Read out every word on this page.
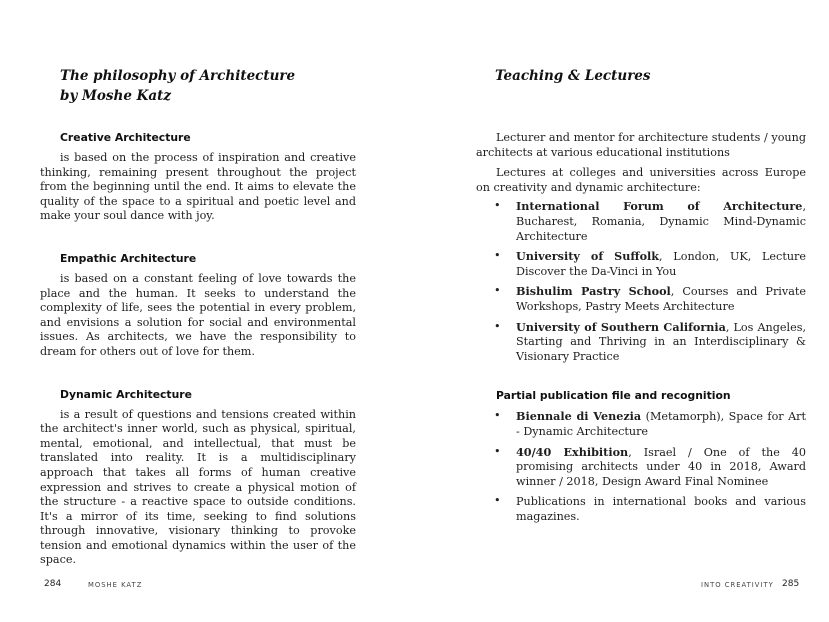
The philosophy of Architecture
by Moshe Katz
Creative Architecture

is based on the process of inspiration and creative thinking, remaining present throughout the project from the beginning until the end. It aims to elevate the quality of the space to a spiritual and poetic level and make your soul dance with joy.

Empathic Architecture

is based on a constant feeling of love towards the place and the human. It seeks to understand the complexity of life, sees the potential in every problem, and envisions a solution for social and environmental issues. As architects, we have the responsibility to dream for others out of love for them.

Dynamic Architecture

is a result of questions and tensions created within the architect's inner world, such as physical, spiritual, mental, emotional, and intellectual, that must be translated into reality. It is a multidisciplinary approach that takes all forms of human creative expression and strives to create a physical motion of the structure - a reactive space to outside conditions. It's a mirror of its time, seeking to find solutions through innovative, visionary thinking to provoke tension and emotional dynamics within the user of the space.

284	MOSHE KATZ
Teaching & Lectures

Lecturer and mentor for architecture students / young architects at various educational institutions

Lectures at colleges and universities across Europe on creativity and dynamic architecture:

• International Forum of Architecture, Bucharest, Romania, Dynamic Mind-Dynamic Architecture
• University of Suffolk, London, UK, Lecture Discover the Da-Vinci in You
• Bishulim Pastry School, Courses and Private Workshops, Pastry Meets Architecture
• University of Southern California, Los Angeles, Starting and Thriving in an Interdisciplinary & Visionary Practice
Partial publication file and recognition
• Biennale di Venezia (Metamorph), Space for Art - Dynamic Architecture
• 40/40 Exhibition, Israel / One of the 40 promising architects under 40 in 2018, Award winner / 2018, Design Award Final Nominee
• Publications in international books and various magazines.
INTO CREATIVITY 285
